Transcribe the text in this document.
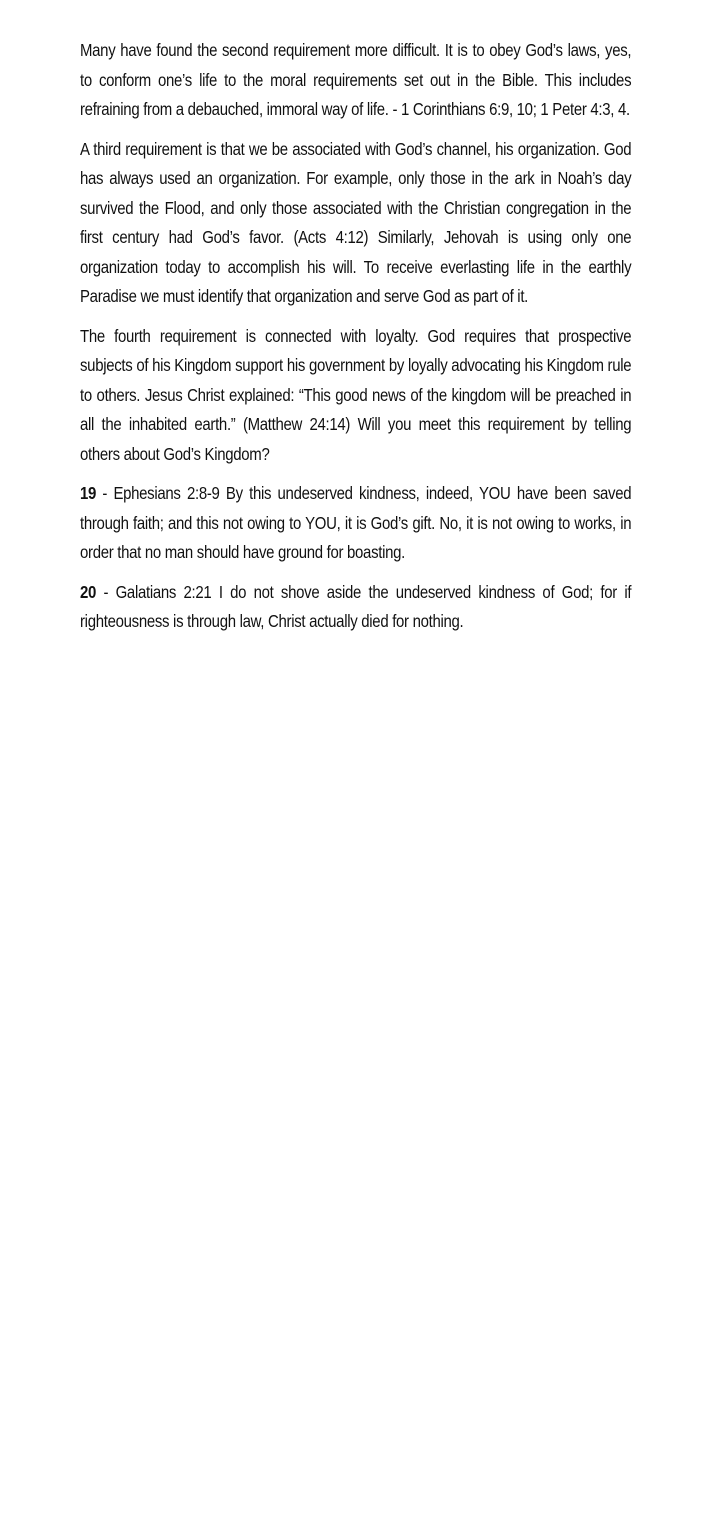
Many have found the second requirement more difficult. It is to obey God’s laws, yes, to conform one’s life to the moral requirements set out in the Bible. This includes refraining from a debauched, immoral way of life. - 1 Corinthians 6:9, 10; 1 Peter 4:3, 4.

A third requirement is that we be associated with God’s channel, his organization. God has always used an organization. For example, only those in the ark in Noah’s day survived the Flood, and only those associated with the Christian congregation in the first century had God’s favor. (Acts 4:12) Similarly, Jehovah is using only one organization today to accomplish his will. To receive everlasting life in the earthly Paradise we must identify that organization and serve God as part of it.

The fourth requirement is connected with loyalty. God requires that prospective subjects of his Kingdom support his government by loyally advocating his Kingdom rule to others. Jesus Christ explained: “This good news of the kingdom will be preached in all the inhabited earth.” (Matthew 24:14) Will you meet this requirement by telling others about God’s Kingdom?

19 - Ephesians 2:8-9 By this undeserved kindness, indeed, YOU have been saved through faith; and this not owing to YOU, it is God’s gift. No, it is not owing to works, in order that no man should have ground for boasting.

20 - Galatians 2:21 I do not shove aside the undeserved kindness of God; for if righteousness is through law, Christ actually died for nothing.
